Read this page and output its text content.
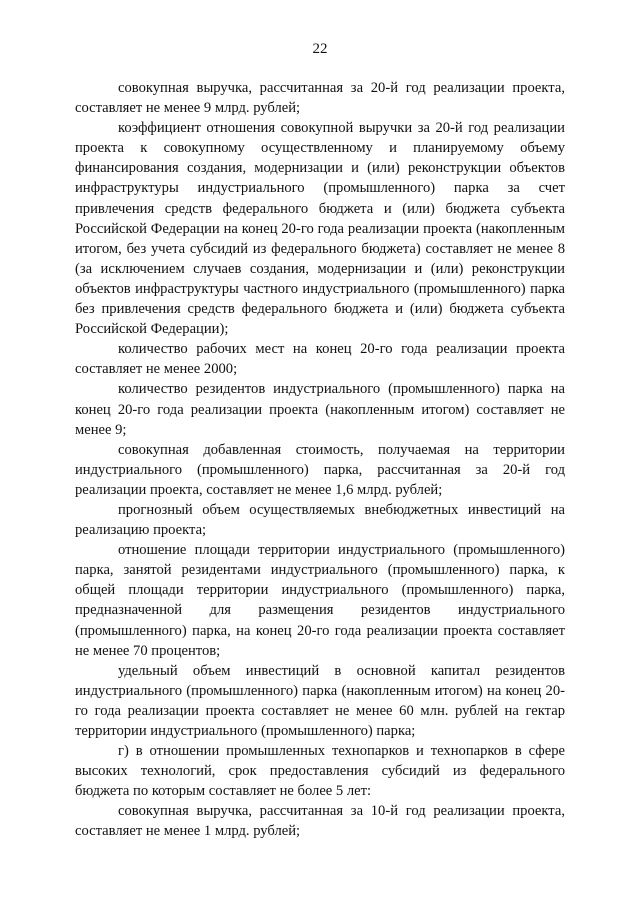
22

совокупная выручка, рассчитанная за 20-й год реализации проекта, составляет не менее 9 млрд. рублей;

коэффициент отношения совокупной выручки за 20-й год реализации проекта к совокупному осуществленному и планируемому объему финансирования создания, модернизации и (или) реконструкции объектов инфраструктуры индустриального (промышленного) парка за счет привлечения средств федерального бюджета и (или) бюджета субъекта Российской Федерации на конец 20-го года реализации проекта (накопленным итогом, без учета субсидий из федерального бюджета) составляет не менее 8 (за исключением случаев создания, модернизации и (или) реконструкции объектов инфраструктуры частного индустриального (промышленного) парка без привлечения средств федерального бюджета и (или) бюджета субъекта Российской Федерации);

количество рабочих мест на конец 20-го года реализации проекта составляет не менее 2000;

количество резидентов индустриального (промышленного) парка на конец 20-го года реализации проекта (накопленным итогом) составляет не менее 9;

совокупная добавленная стоимость, получаемая на территории индустриального (промышленного) парка, рассчитанная за 20-й год реализации проекта, составляет не менее 1,6 млрд. рублей;

прогнозный объем осуществляемых внебюджетных инвестиций на реализацию проекта;

отношение площади территории индустриального (промышленного) парка, занятой резидентами индустриального (промышленного) парка, к общей площади территории индустриального (промышленного) парка, предназначенной для размещения резидентов индустриального (промышленного) парка, на конец 20-го года реализации проекта составляет не менее 70 процентов;

удельный объем инвестиций в основной капитал резидентов индустриального (промышленного) парка (накопленным итогом) на конец 20-го года реализации проекта составляет не менее 60 млн. рублей на гектар территории индустриального (промышленного) парка;

г) в отношении промышленных технопарков и технопарков в сфере высоких технологий, срок предоставления субсидий из федерального бюджета по которым составляет не более 5 лет:

совокупная выручка, рассчитанная за 10-й год реализации проекта, составляет не менее 1 млрд. рублей;
